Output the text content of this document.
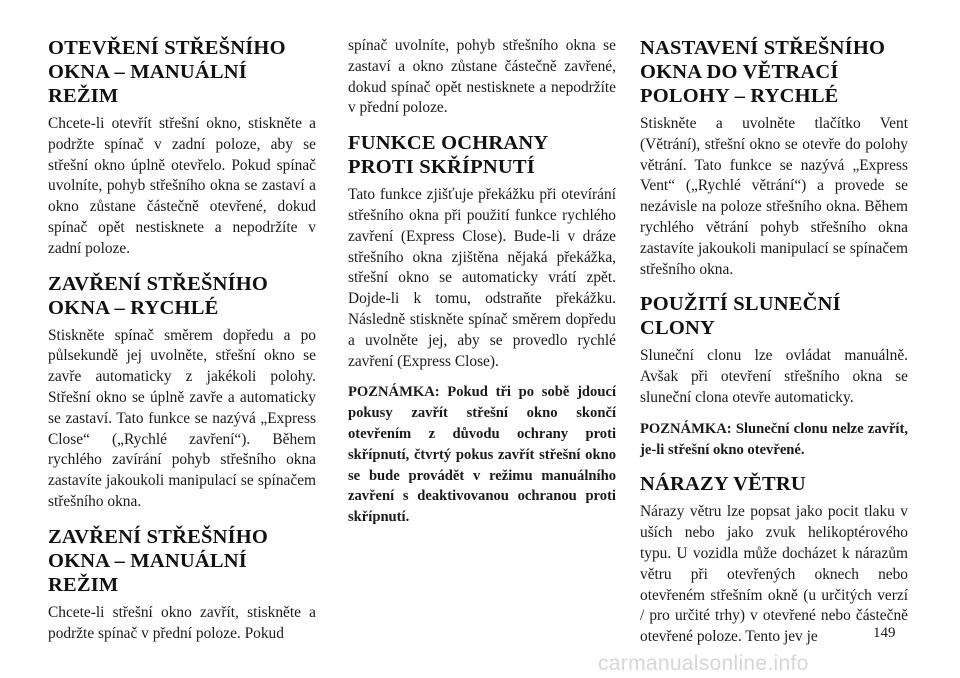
OTEVŘENÍ STŘEŠNÍHO OKNA – MANUÁLNÍ REŽIM

Chcete-li otevřít střešní okno, stiskněte a podržte spínač v zadní poloze, aby se střešní okno úplně otevřelo. Pokud spínač uvolníte, pohyb střešního okna se zastaví a okno zůstane částečně otevřené, dokud spínač opět nestisknete a nepodržíte v zadní poloze.

ZAVŘENÍ STŘEŠNÍHO OKNA – RYCHLÉ

Stiskněte spínač směrem dopředu a po půlsekundě jej uvolněte, střešní okno se zavře automaticky z jakékoli polohy. Střešní okno se úplně zavře a automaticky se zastaví. Tato funkce se nazývá „Express Close“ („Rychlé zavření“). Během rychlého zavírání pohyb střešního okna zastavíte jakoukoli manipulací se spínačem střešního okna.

ZAVŘENÍ STŘEŠNÍHO OKNA – MANUÁLNÍ REŽIM

Chcete-li střešní okno zavřít, stiskněte a podržte spínač v přední poloze. Pokud

spínač uvolníte, pohyb střešního okna se zastaví a okno zůstane částečně zavřené, dokud spínač opět nestisknete a nepodržíte v přední poloze.

FUNKCE OCHRANY PROTI SKŘÍPNUTÍ

Tato funkce zjišťuje překážku při otevírání střešního okna při použití funkce rychlého zavření (Express Close). Bude-li v dráze střešního okna zjištěna nějaká překážka, střešní okno se automaticky vrátí zpět. Dojde-li k tomu, odstraňte překážku. Následně stiskněte spínač směrem dopředu a uvolněte jej, aby se provedlo rychlé zavření (Express Close).

POZNÁMKA: Pokud tři po sobě jdoucí pokusy zavřít střešní okno skončí otevřením z důvodu ochrany proti skřípnutí, čtvrtý pokus zavřít střešní okno se bude provádět v režimu manuálního zavření s deaktivovanou ochranou proti skřípnutí.

NASTAVENÍ STŘEŠNÍHO OKNA DO VĚTRACÍ POLOHY – RYCHLÉ

Stiskněte a uvolněte tlačítko Vent (Větrání), střešní okno se otevře do polohy větrání. Tato funkce se nazývá „Express Vent“ („Rychlé větrání“) a provede se nezávisle na poloze střešního okna. Během rychlého větrání pohyb střešního okna zastavíte jakoukoli manipulací se spínačem střešního okna.

POUŽITÍ SLUNEČNÍ CLONY

Sluneční clonu lze ovládat manuálně. Avšak při otevření střešního okna se sluneční clona otevře automaticky.

POZNÁMKA: Sluneční clonu nelze zavřít, je-li střešní okno otevřené.

NÁRAZY VĚTRU

Nárazy větru lze popsat jako pocit tlaku v uších nebo jako zvuk helikoptérového typu. U vozidla může docházet k nárazům větru při otevřených oknech nebo otevřeném střešním okně (u určitých verzí / pro určité trhy) v otevřené nebo částečně otevřené poloze. Tento jev je	149
carmanualsonline.info
